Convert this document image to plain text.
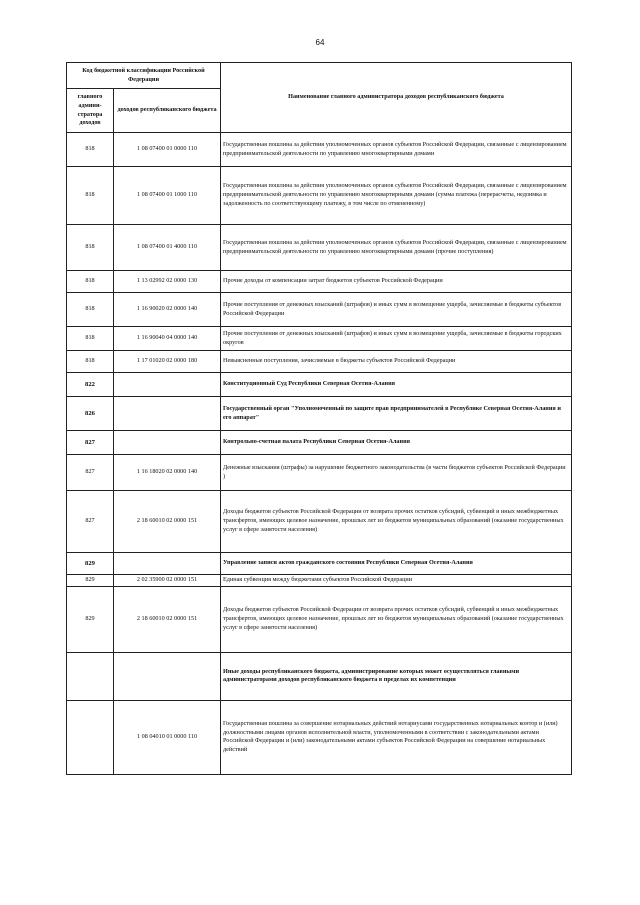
64
Код бюджетной классификации Российской Федерации		Наименование главного администратора доходов республиканского бюджета
главного админи-стратора доходов	доходов республиканского бюджета	
818	1 08 07400 01 0000 110	Государственная пошлина за действия уполномоченных органов субъектов Российской Федерации, связанные с лицензированием предпринимательской деятельности по управлению многоквартирными домами
818	1 08 07400 01 1000 110	Государственная пошлина за действия уполномоченных органов субъектов Российской Федерации, связанные с лицензированием предпринимательской деятельности по управлению многоквартирными домами (сумма платежа (перерасчеты, недоимка и задолженность по соответствующему платежу, в том числе по отмененному)
818	1 08 07400 01 4000 110	Государственная пошлина за действия уполномоченных органов субъектов Российской Федерации, связанные с лицензированием предпринимательской деятельности по управлению многоквартирными домами (прочие поступления)
818	1 13 02992 02 0000 130	Прочие доходы от компенсации затрат бюджетов субъектов Российской Федерации
818	1 16 90020 02 0000 140	Прочие поступления от денежных взысканий (штрафов) и иных сумм в возмещение ущерба, зачисляемые в бюджеты субъектов Российской Федерации
818	1 16 90040 04 0000 140	Прочие поступления от денежных взысканий (штрафов) и иных сумм в возмещение ущерба, зачисляемые в бюджеты городских округов
818	1 17 01020 02 0000 180	Невыясненные поступления, зачисляемые в бюджеты субъектов Российской Федерации
822		Конституционный Суд Республики Северная Осетия-Алания
826		Государственный орган "Уполномоченный по защите прав предпринимателей в Республике Северная Осетия-Алания и его аппарат"
827		Контрольно-счетная палата Республики Северная Осетия-Алания
827	1 16 18020 02 0000 140	Денежные взыскания (штрафы) за нарушение бюджетного законодательства (в части бюджетов субъектов Российской Федерации )
827	2 18 60010 02 0000 151	Доходы бюджетов субъектов Российской Федерации от возврата прочих остатков субсидий, субвенций и иных межбюджетных трансфертов, имеющих целевое назначение, прошлых лет из бюджетов муниципальных образований (оказание государственных услуг в сфере занятости населения)
829		Управление записи актов гражданского состояния Республики Северная Осетия-Алания
829	2 02 35900 02 0000 151	Единая субвенция между бюджетами субъектов Российской Федерации
829	2 18 60010 02 0000 151	Доходы бюджетов субъектов Российской Федерации от возврата прочих остатков субсидий, субвенций и иных межбюджетных трансфертов, имеющих целевое назначение, прошлых лет из бюджетов муниципальных образований (оказание государственных услуг в сфере занятости населения)
		Иные доходы республиканского бюджета, администрирование которых может осуществляться главными администраторами доходов республиканского бюджета в пределах их компетенции
	1 08 04010 01 0000 110	Государственная пошлина за совершение нотариальных действий нотариусами государственных нотариальных контор и (или) должностными лицами органов исполнительной власти, уполномоченными в соответствии с законодательными актами Российской Федерации и (или) законодательными актами субъектов Российской Федерации на совершение нотариальных действий
